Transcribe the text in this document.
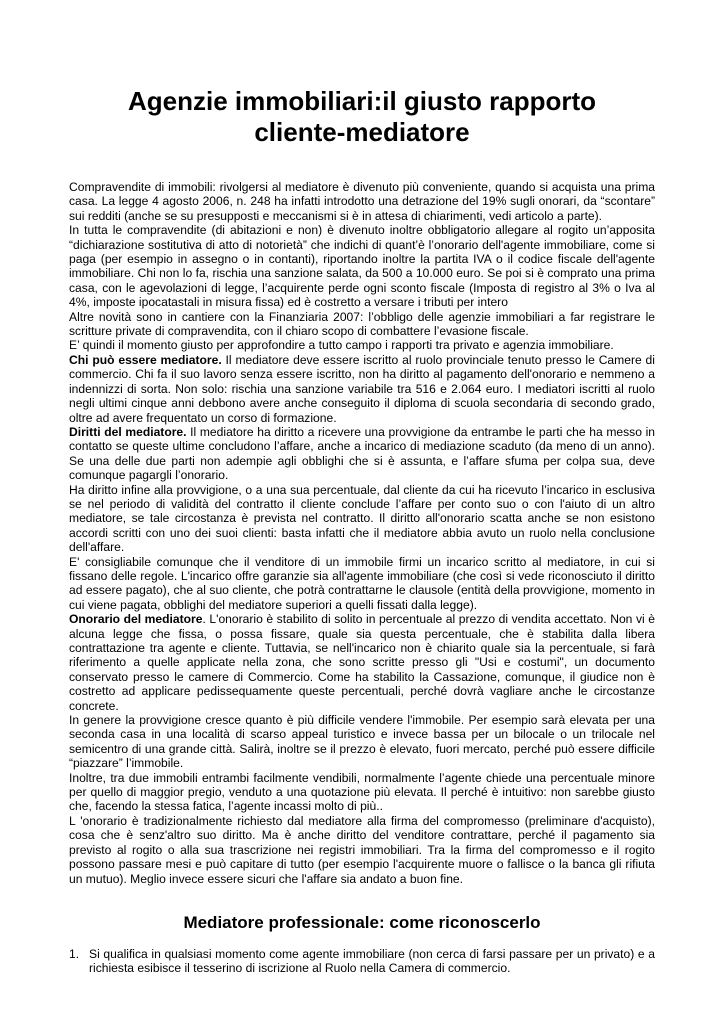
Agenzie immobiliari:il giusto rapporto cliente-mediatore

Compravendite di immobili: rivolgersi al mediatore è divenuto più conveniente, quando si acquista una prima casa. La legge 4 agosto 2006, n. 248 ha infatti introdotto una detrazione del 19% sugli onorari, da “scontare” sui redditi (anche se su presupposti e meccanismi si è in attesa di chiarimenti, vedi articolo a parte).

In tutta le compravendite (di abitazioni e non) è divenuto inoltre obbligatorio allegare al rogito un’apposita “dichiarazione sostitutiva di atto di notorietà” che indichi di quant’è l’onorario dell'agente immobiliare, come si paga (per esempio in assegno o in contanti), riportando inoltre la partita IVA o il codice fiscale dell'agente immobiliare. Chi non lo fa, rischia una sanzione salata, da 500 a 10.000 euro. Se poi si è comprato una prima casa, con le agevolazioni di legge, l’acquirente perde ogni sconto fiscale (Imposta di registro al 3% o Iva al 4%, imposte ipocatastali in misura fissa) ed è costretto a versare i tributi per intero

Altre novità sono in cantiere con la Finanziaria 2007: l’obbligo delle agenzie immobiliari a far registrare le scritture private di compravendita, con il chiaro scopo di combattere l’evasione fiscale.

E’ quindi il momento giusto per approfondire a tutto campo i rapporti tra privato e agenzia immobiliare.

Chi può essere mediatore. Il mediatore deve essere iscritto al ruolo provinciale tenuto presso le Camere di commercio. Chi fa il suo lavoro senza essere iscritto, non ha diritto al pagamento dell'onorario e nemmeno a indennizzi di sorta. Non solo: rischia una sanzione variabile tra 516 e 2.064 euro. I mediatori iscritti al ruolo negli ultimi cinque anni debbono avere anche conseguito il diploma di scuola secondaria di secondo grado, oltre ad avere frequentato un corso di formazione.

Diritti del mediatore. Il mediatore ha diritto a ricevere una provvigione da entrambe le parti che ha messo in contatto se queste ultime concludono l’affare, anche a incarico di mediazione scaduto (da meno di un anno). Se una delle due parti non adempie agli obblighi che si è assunta, e l’affare sfuma per colpa sua, deve comunque pagargli l’onorario.

Ha diritto infine alla provvigione, o a una sua percentuale, dal cliente da cui ha ricevuto l’incarico in esclusiva se nel periodo di validità del contratto il cliente conclude l’affare per conto suo o con l'aiuto di un altro mediatore, se tale circostanza è prevista nel contratto. Il diritto all'onorario scatta anche se non esistono accordi scritti con uno dei suoi clienti: basta infatti che il mediatore abbia avuto un ruolo nella conclusione dell'affare.

E' consigliabile comunque che il venditore di un immobile firmi un incarico scritto al mediatore, in cui si fissano delle regole. L'incarico offre garanzie sia all'agente immobiliare (che così si vede riconosciuto il diritto ad essere pagato), che al suo cliente, che potrà contrattarne le clausole (entità della provvigione, momento in cui viene pagata, obblighi del mediatore superiori a quelli fissati dalla legge).

Onorario del mediatore. L'onorario è stabilito di solito in percentuale al prezzo di vendita accettato. Non vi è alcuna legge che fissa, o possa fissare, quale sia questa percentuale, che è stabilita dalla libera contrattazione tra agente e cliente. Tuttavia, se nell'incarico non è chiarito quale sia la percentuale, si farà riferimento a quelle applicate nella zona, che sono scritte presso gli "Usi e costumi", un documento conservato presso le camere di Commercio. Come ha stabilito la Cassazione, comunque, il giudice non è costretto ad applicare pedissequamente queste percentuali, perché dovrà vagliare anche le circostanze concrete.

In genere la provvigione cresce quanto è più difficile vendere l'immobile. Per esempio sarà elevata per una seconda casa in una località di scarso appeal turistico e invece bassa per un bilocale o un trilocale nel semicentro di una grande città. Salirà, inoltre se il prezzo è elevato, fuori mercato, perché può essere difficile “piazzare” l’immobile.

Inoltre, tra due immobili entrambi facilmente vendibili, normalmente l’agente chiede una percentuale minore per quello di maggior pregio, venduto a una quotazione più elevata. Il perché è intuitivo: non sarebbe giusto che, facendo la stessa fatica, l’agente incassi molto di più..

L 'onorario è tradizionalmente richiesto dal mediatore alla firma del compromesso (preliminare d'acquisto), cosa che è senz'altro suo diritto. Ma è anche diritto del venditore contrattare, perché il pagamento sia previsto al rogito o alla sua trascrizione nei registri immobiliari. Tra la firma del compromesso e il rogito possono passare mesi e può capitare di tutto (per esempio l'acquirente muore o fallisce o la banca gli rifiuta un mutuo). Meglio invece essere sicuri che l'affare sia andato a buon fine.

Mediatore professionale: come riconoscerlo
1. Si qualifica in qualsiasi momento come agente immobiliare (non cerca di farsi passare per un privato) e a richiesta esibisce il tesserino di iscrizione al Ruolo nella Camera di commercio.
